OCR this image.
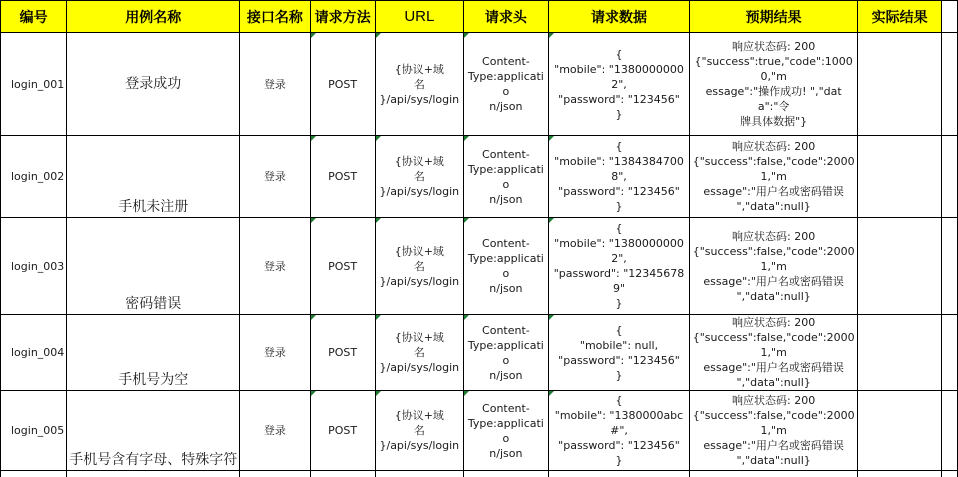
编号	用例名称	接口名称	请求方法	URL	请求头	请求数据	预期结果	实际结果	

login_001	登录成功	登录	POST	{协议+域
名
}/api/sys/login	Content-
Type:applicatio
n/json	{
"mobile": "13800000002",
"password": "123456"
}	响应状态码: 200
{"success":true,"code":10000,"m
essage":"操作成功! ","data":"令
牌具体数据"}		

login_002	手机未注册	登录	POST	{协议+域
名
}/api/sys/login	Content-
Type:applicatio
n/json	{
"mobile": "13843847008",
"password": "123456"
}	响应状态码: 200
{"success":false,"code":20001,"m
essage":"用户名或密码错误
","data":null}		

login_003	密码错误	登录	POST	{协议+域
名
}/api/sys/login	Content-
Type:applicatio
n/json	{
"mobile": "13800000002",
"password": "123456789"
}	响应状态码: 200
{"success":false,"code":20001,"m
essage":"用户名或密码错误
","data":null}		

login_004	手机号为空	登录	POST	{协议+域
名
}/api/sys/login	Content-
Type:applicatio
n/json	{
"mobile": null,
"password": "123456"
}	响应状态码: 200
{"success":false,"code":20001,"m
essage":"用户名或密码错误
","data":null}		

login_005	手机号含有字母、特殊字符	登录	POST	{协议+域
名
}/api/sys/login	Content-
Type:applicatio
n/json	{
"mobile": "1380000abc#",
"password": "123456"
}	响应状态码: 200
{"success":false,"code":20001,"m
essage":"用户名或密码错误
","data":null}		
